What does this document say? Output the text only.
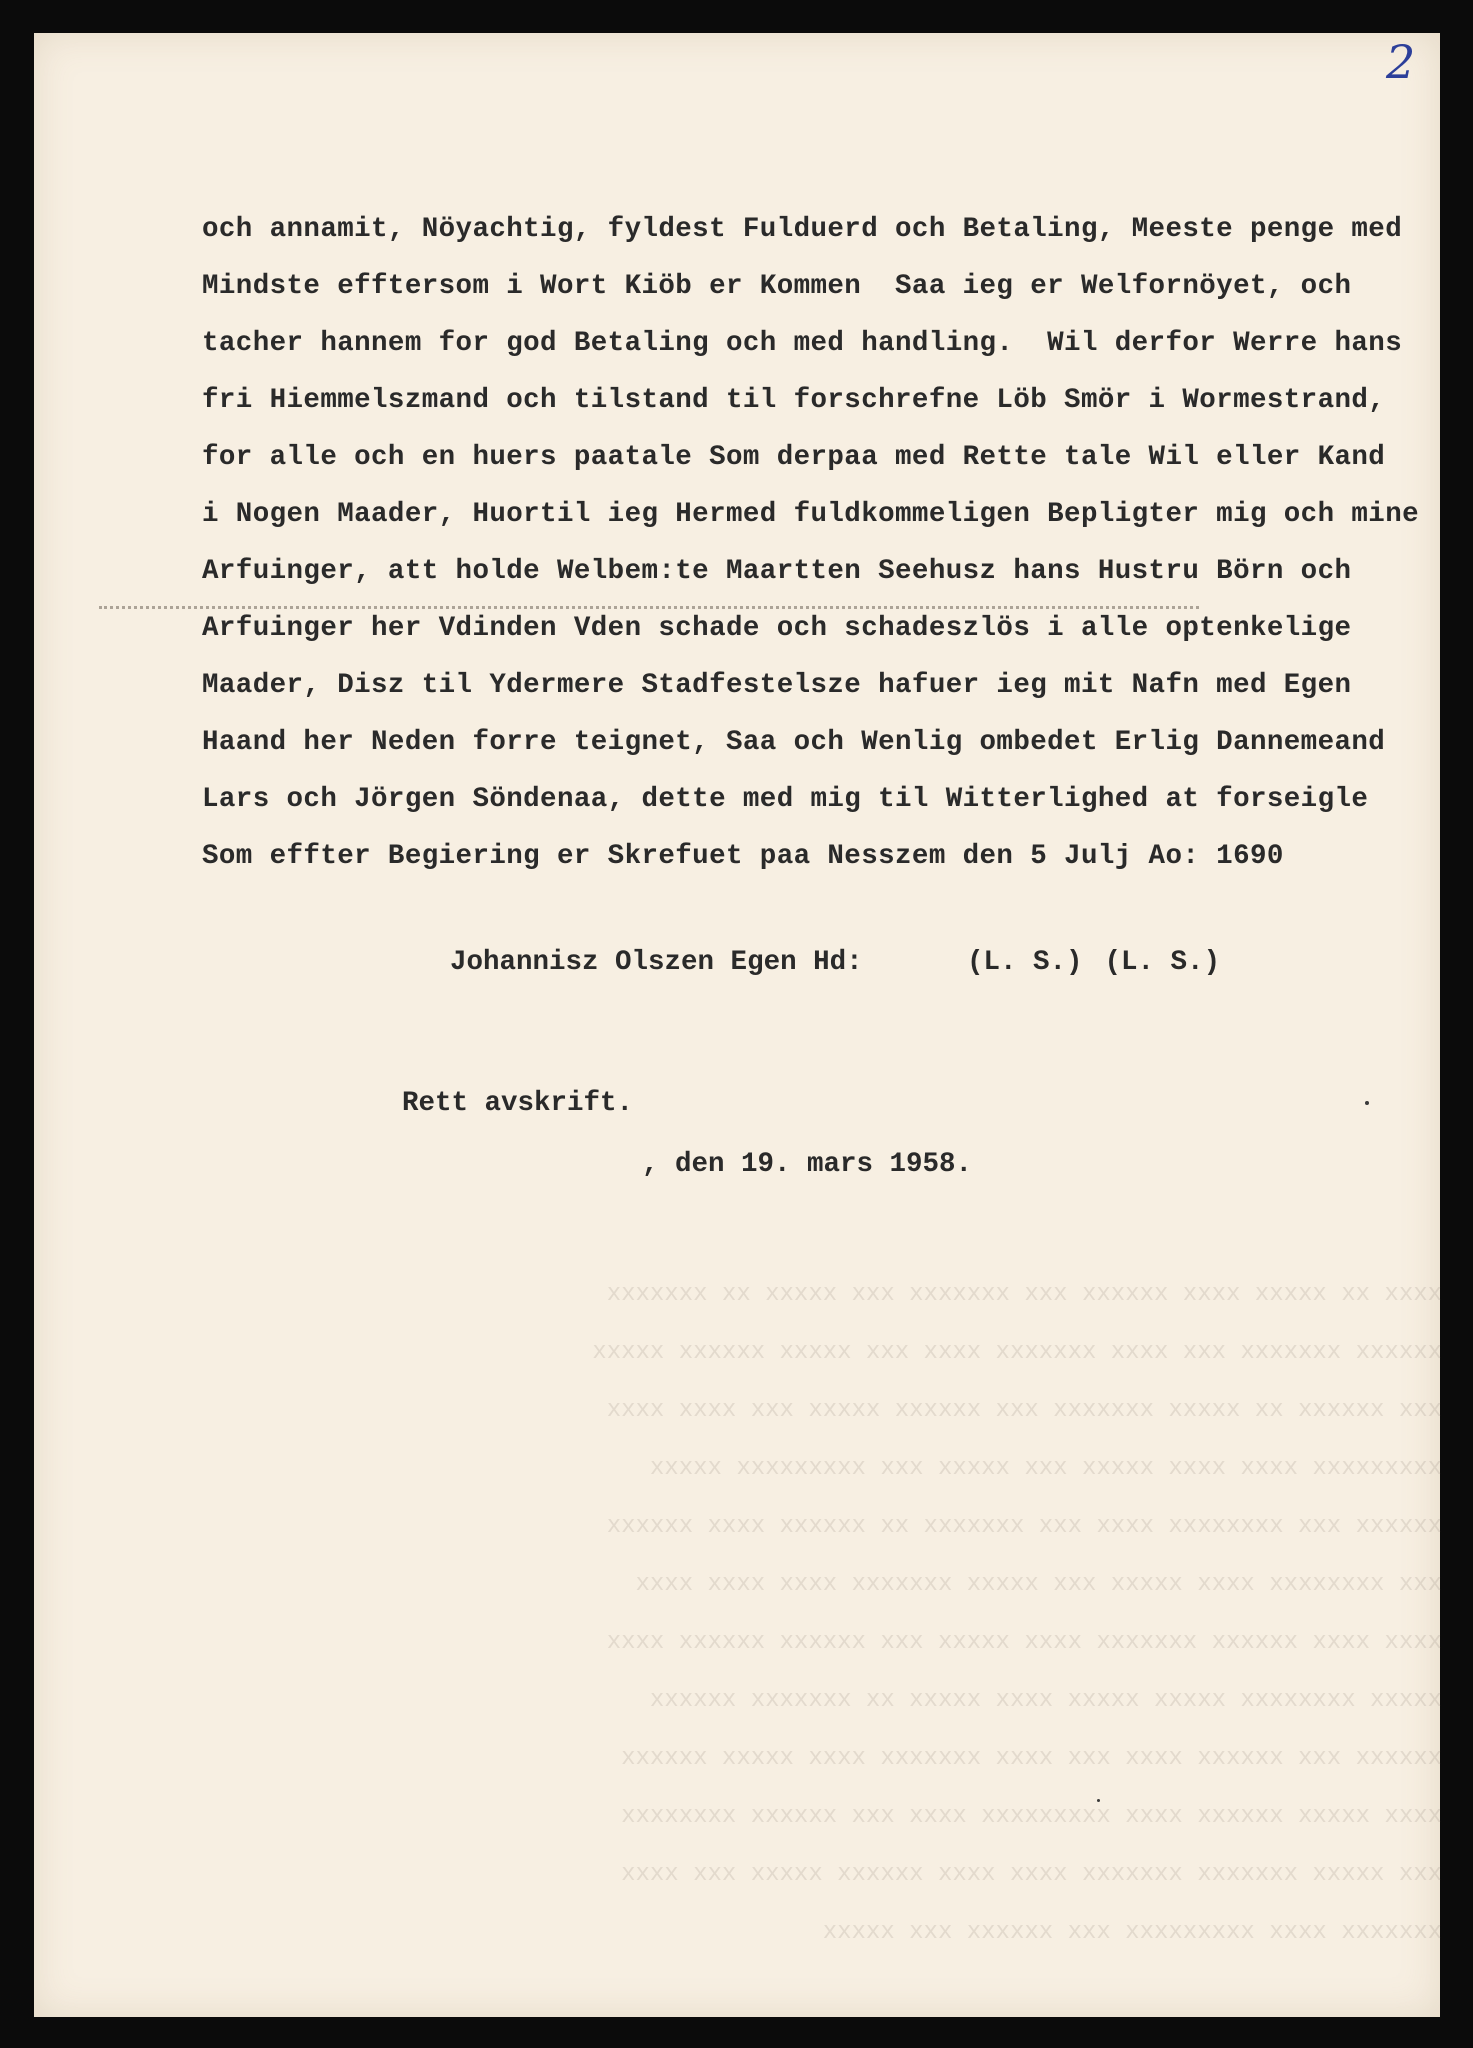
2
och annamit, Nöyachtig, fyldest Fulduerd och Betaling, Meeste penge med
Mindste efftersom i Wort Kiöb er Kommen  Saa ieg er Welfornöyet, och
tacher hannem for god Betaling och med handling.  Wil derfor Werre hans
fri Hiemmelszmand och tilstand til forschrefne Löb Smör i Wormestrand,
for alle och en huers paatale Som derpaa med Rette tale Wil eller Kand
i Nogen Maader, Huortil ieg Hermed fuldkommeligen Bepligter mig och mine
Arfuinger, att holde Welbem:te Maartten Seehusz hans Hustru Börn och
Arfuinger her Vdinden Vden schade och schadeszlös i alle optenkelige
Maader, Disz til Ydermere Stadfestelsze hafuer ieg mit Nafn med Egen
Haand her Neden forre teignet, Saa och Wenlig ombedet Erlig Dannemeand
Lars och Jörgen Söndenaa, dette med mig til Witterlighed at forseigle
Som effter Begiering er Skrefuet paa Nesszem den 5 Julj Ao: 1690

Johannisz Olszen Egen Hd:	(L. S.) (L. S.)

Rett avskrift.
, den 19. mars 1958.

xxxx xx xxxxx xxxx xxxxxx xxx xxxxxxx xxx xxxxx xx xxxxxxx
xxxxxx xxxxxxx xxx xxxx xxxxxxx xxxx xxx xxxxx xxxxxx xxxxx
xxx xxxxxx xx xxxxx xxxxxxx xxx xxxxxx xxxxx xxx xxxx xxxx
xxxxxxxxx xxxx xxxx xxxxx xxx xxxxx xxx xxxxxxxxx xxxxx
xxxxxx xxx xxxxxxxx xxxx xxx xxxxxxx xx xxxxxx xxxx xxxxxx
xxx xxxxxxxx xxxx xxxxx xxx xxxxx xxxxxxx xxxx xxxx xxxx
xxxx xxxx xxxxxx xxxxxxx xxxx xxxxx xxx xxxxxx xxxxxx xxxx
xxxxx xxxxxxxx xxxxx xxxxx xxxx xxxxx xx xxxxxxx xxxxxx
xxxxxx xxx xxxxxx xxxx xxx xxxx xxxxxxx xxxx xxxxx xxxxxx
xxxx xxxxx xxxxxx xxxx xxxxxxxxx xxxx xxx xxxxxx xxxxxxxx
xxx xxxxx xxxxxxx xxxxxxx xxxx xxxx xxxxxx xxxxx xxx xxxx
xxxxxxx xxxx xxxxxxxxx xxx xxxxxx xxx xxxxx
